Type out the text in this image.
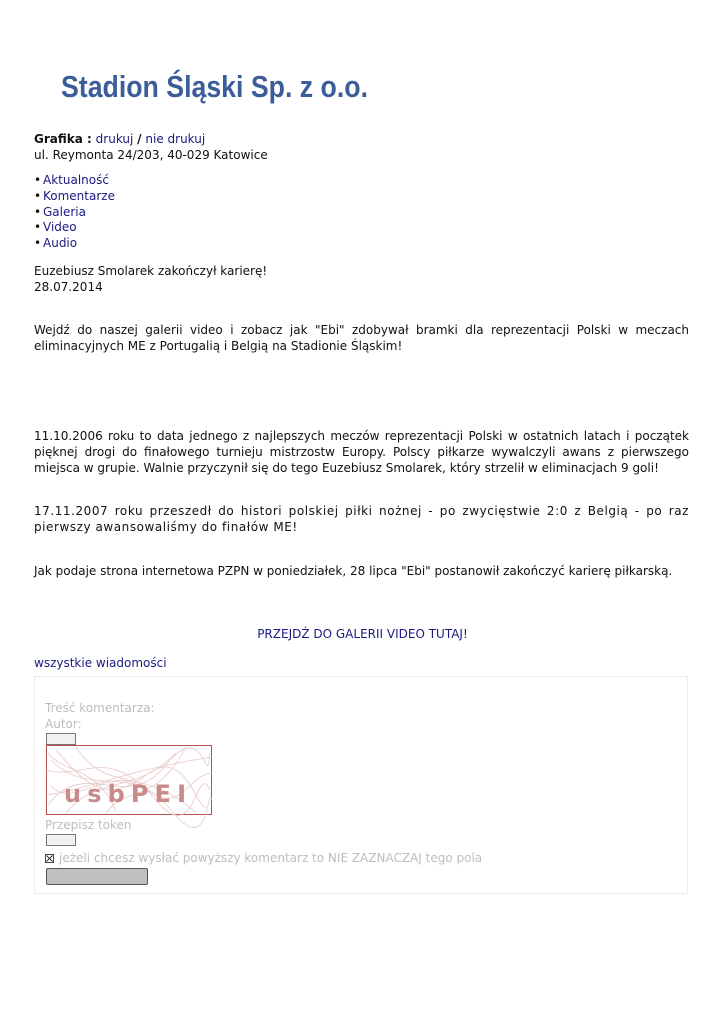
Stadion Śląski Sp. z o.o.
Grafika : drukuj / nie drukuj
ul. Reymonta 24/203, 40-029 Katowice
• Aktualność
• Komentarze
• Galeria
• Video
• Audio
Euzebiusz Smolarek zakończył karierę!
28.07.2014
Wejdź do naszej galerii video i zobacz jak "Ebi" zdobywał bramki dla reprezentacji Polski w meczach eliminacyjnych ME z Portugalią i Belgią na Stadionie Śląskim!
11.10.2006 roku to data jednego z najlepszych meczów reprezentacji Polski w ostatnich latach i początek pięknej drogi do finałowego turnieju mistrzostw Europy. Polscy piłkarze wywalczyli awans z pierwszego miejsca w grupie. Walnie przyczynił się do tego Euzebiusz Smolarek, który strzelił w eliminacjach 9 goli!
17.11.2007 roku przeszedł do histori polskiej piłki nożnej - po zwycięstwie 2:0 z Belgią - po raz pierwszy awansowaliśmy do finałów ME!
Jak podaje strona internetowa PZPN w poniedziałek, 28 lipca "Ebi" postanowił zakończyć karierę piłkarską.
PRZEJDŹ DO GALERII VIDEO TUTAJ!
wszystkie wiadomości
Treść komentarza:
Autor:
usbPEI
Przepisz token
jeżeli chcesz wysłać powyższy komentarz to NIE ZAZNACZAJ tego pola
